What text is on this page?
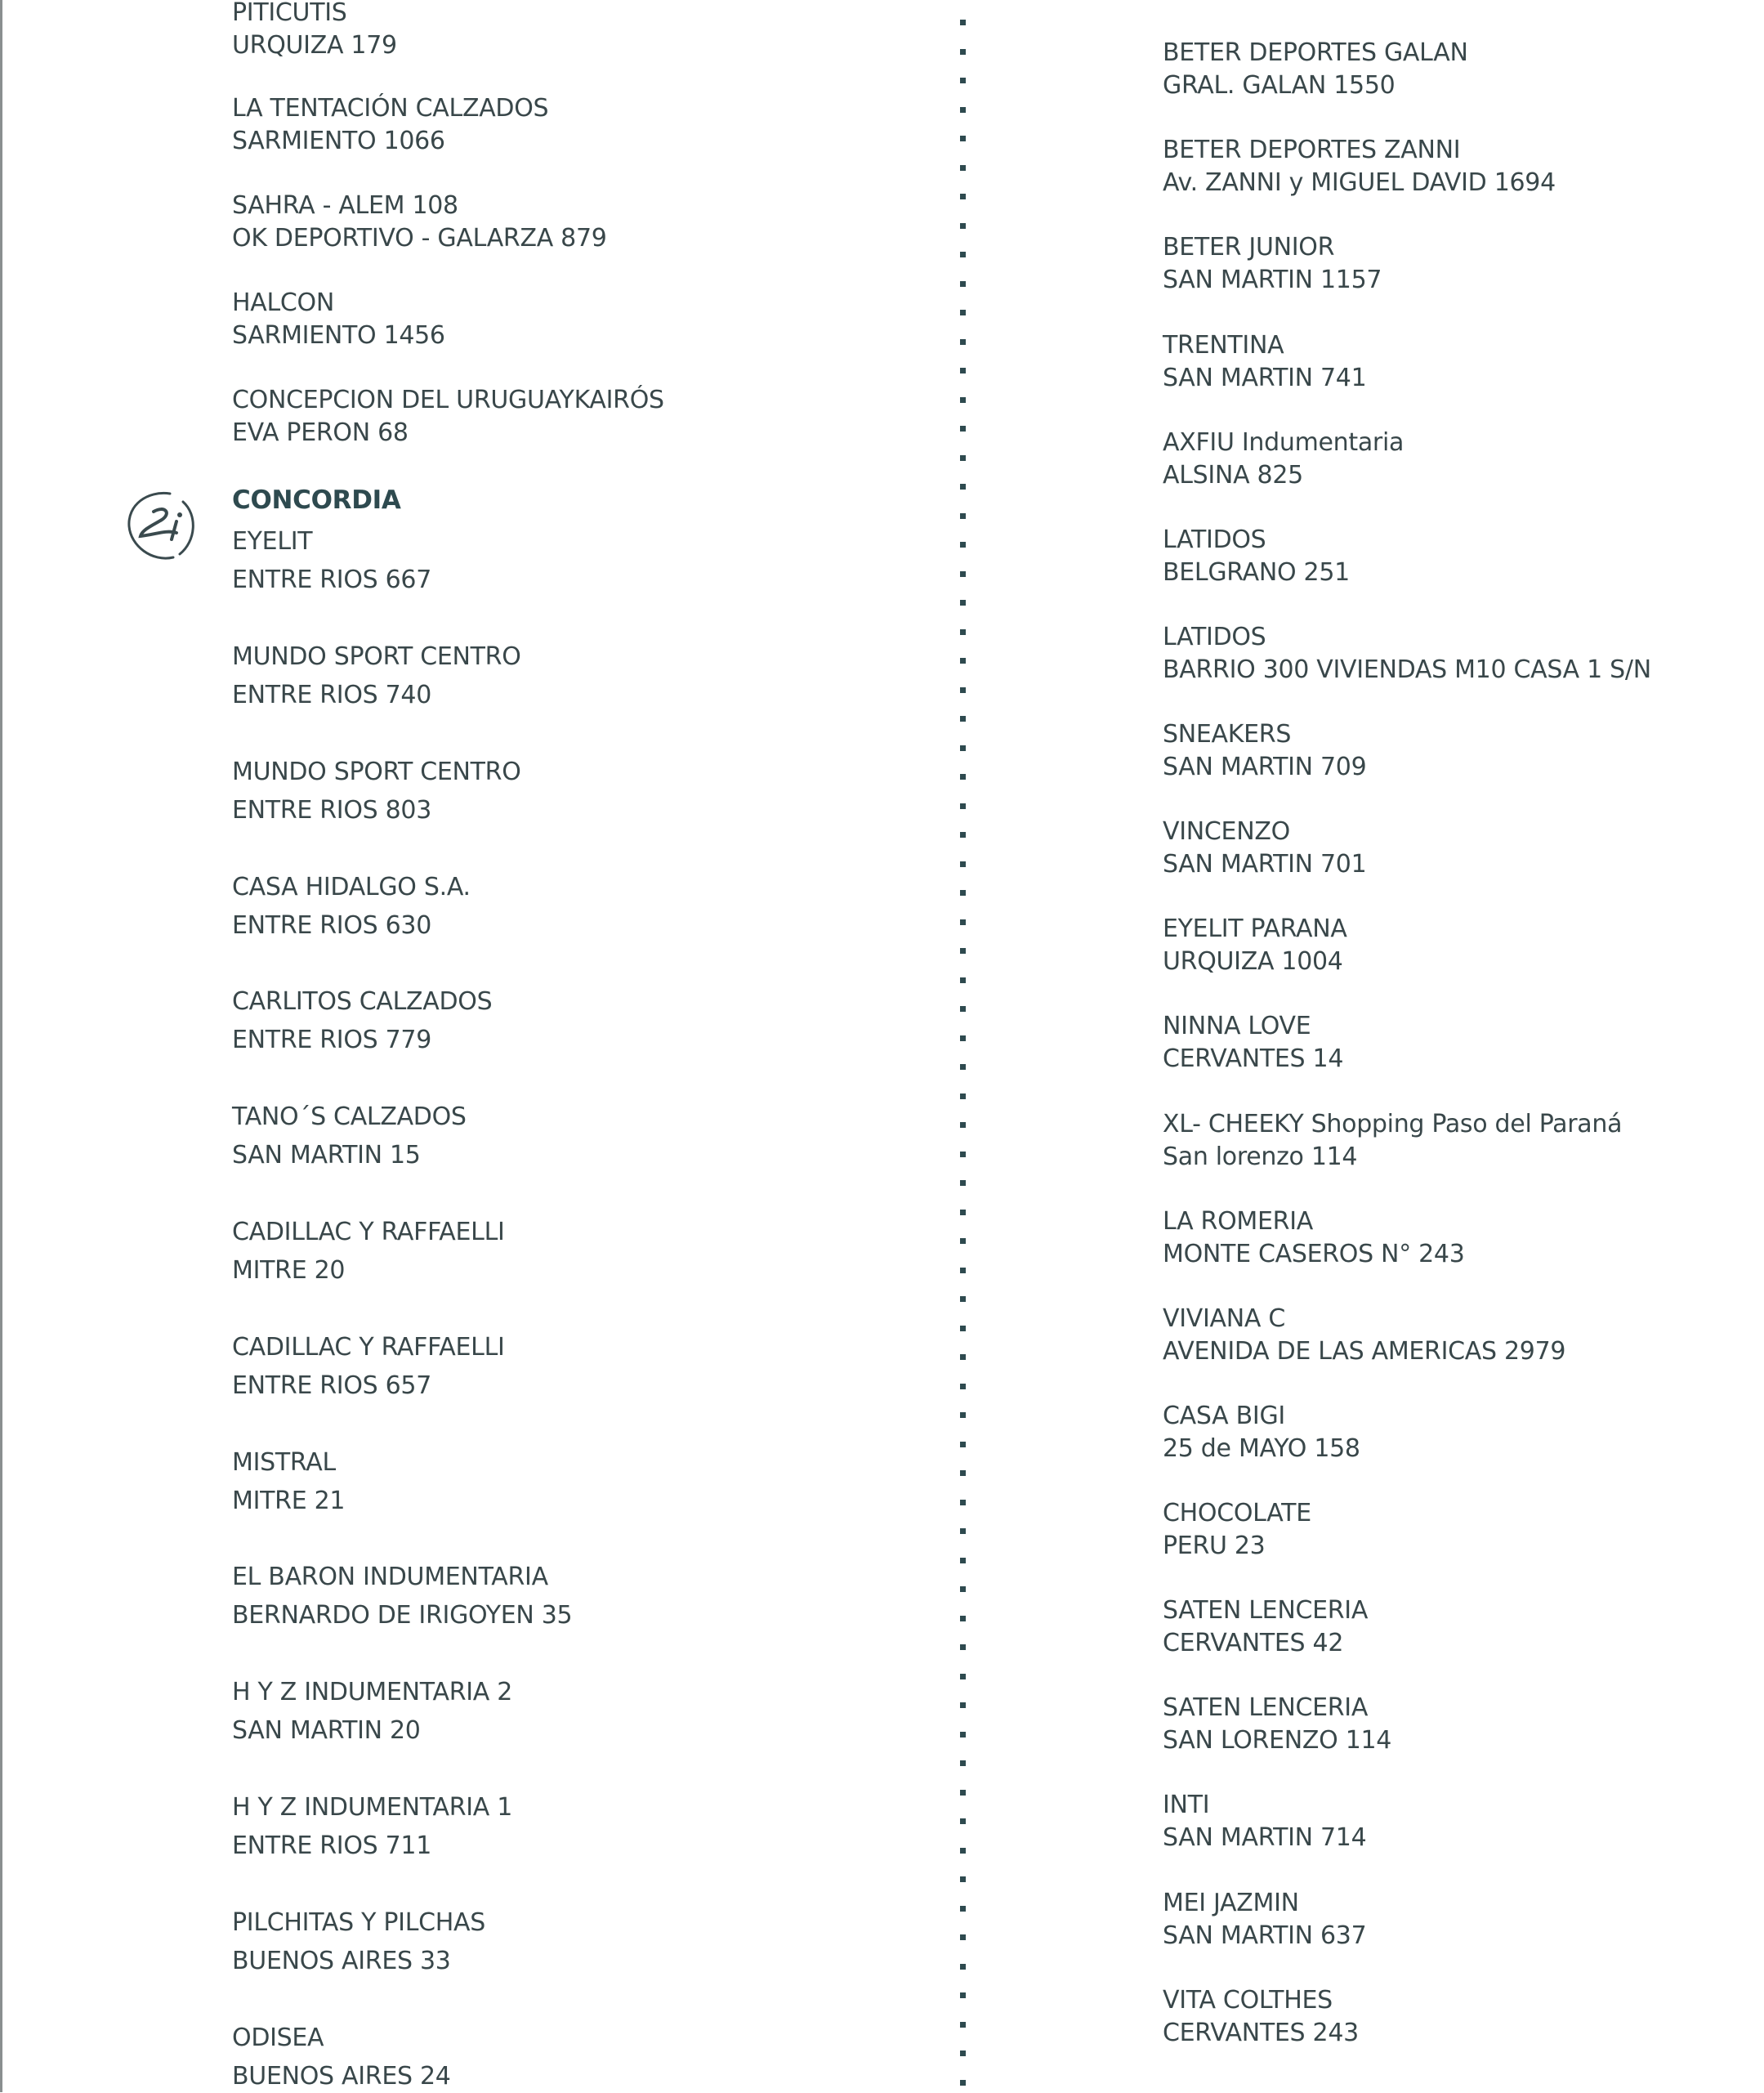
PITICUTIS
URQUIZA 179
LA TENTACIÓN CALZADOS
SARMIENTO 1066
SAHRA - ALEM 108
OK DEPORTIVO - GALARZA 879
HALCON
SARMIENTO 1456
CONCEPCION DEL URUGUAYKAIRÓS
EVA PERON 68
CONCORDIA
EYELIT
ENTRE RIOS 667
MUNDO SPORT CENTRO
ENTRE RIOS 740
MUNDO SPORT CENTRO
ENTRE RIOS 803
CASA HIDALGO S.A.
ENTRE RIOS 630
CARLITOS CALZADOS
ENTRE RIOS 779
TANO´S CALZADOS
SAN MARTIN 15
CADILLAC Y RAFFAELLI
MITRE 20
CADILLAC Y RAFFAELLI
ENTRE RIOS 657
MISTRAL
MITRE 21
EL BARON INDUMENTARIA
BERNARDO DE IRIGOYEN 35
H Y Z INDUMENTARIA 2
SAN MARTIN 20
H Y Z INDUMENTARIA 1
ENTRE RIOS 711
PILCHITAS Y PILCHAS
BUENOS AIRES 33
ODISEA
BUENOS AIRES 24
BETER DEPORTES GALAN
GRAL. GALAN 1550
BETER DEPORTES ZANNI
Av. ZANNI y MIGUEL DAVID 1694
BETER JUNIOR
SAN MARTIN 1157
TRENTINA
SAN MARTIN 741
AXFIU Indumentaria
ALSINA 825
LATIDOS
BELGRANO 251
LATIDOS
BARRIO 300 VIVIENDAS M10 CASA 1 S/N
SNEAKERS
SAN MARTIN 709
VINCENZO
SAN MARTIN 701
EYELIT PARANA
URQUIZA 1004
NINNA LOVE
CERVANTES 14
XL- CHEEKY Shopping Paso del Paraná
San lorenzo 114
LA ROMERIA
MONTE CASEROS N° 243
VIVIANA C
AVENIDA DE LAS AMERICAS 2979
CASA BIGI
25 de MAYO 158
CHOCOLATE
PERU 23
SATEN LENCERIA
CERVANTES 42
SATEN LENCERIA
SAN LORENZO 114
INTI
SAN MARTIN 714
MEI JAZMIN
SAN MARTIN 637
VITA COLTHES
CERVANTES 243
